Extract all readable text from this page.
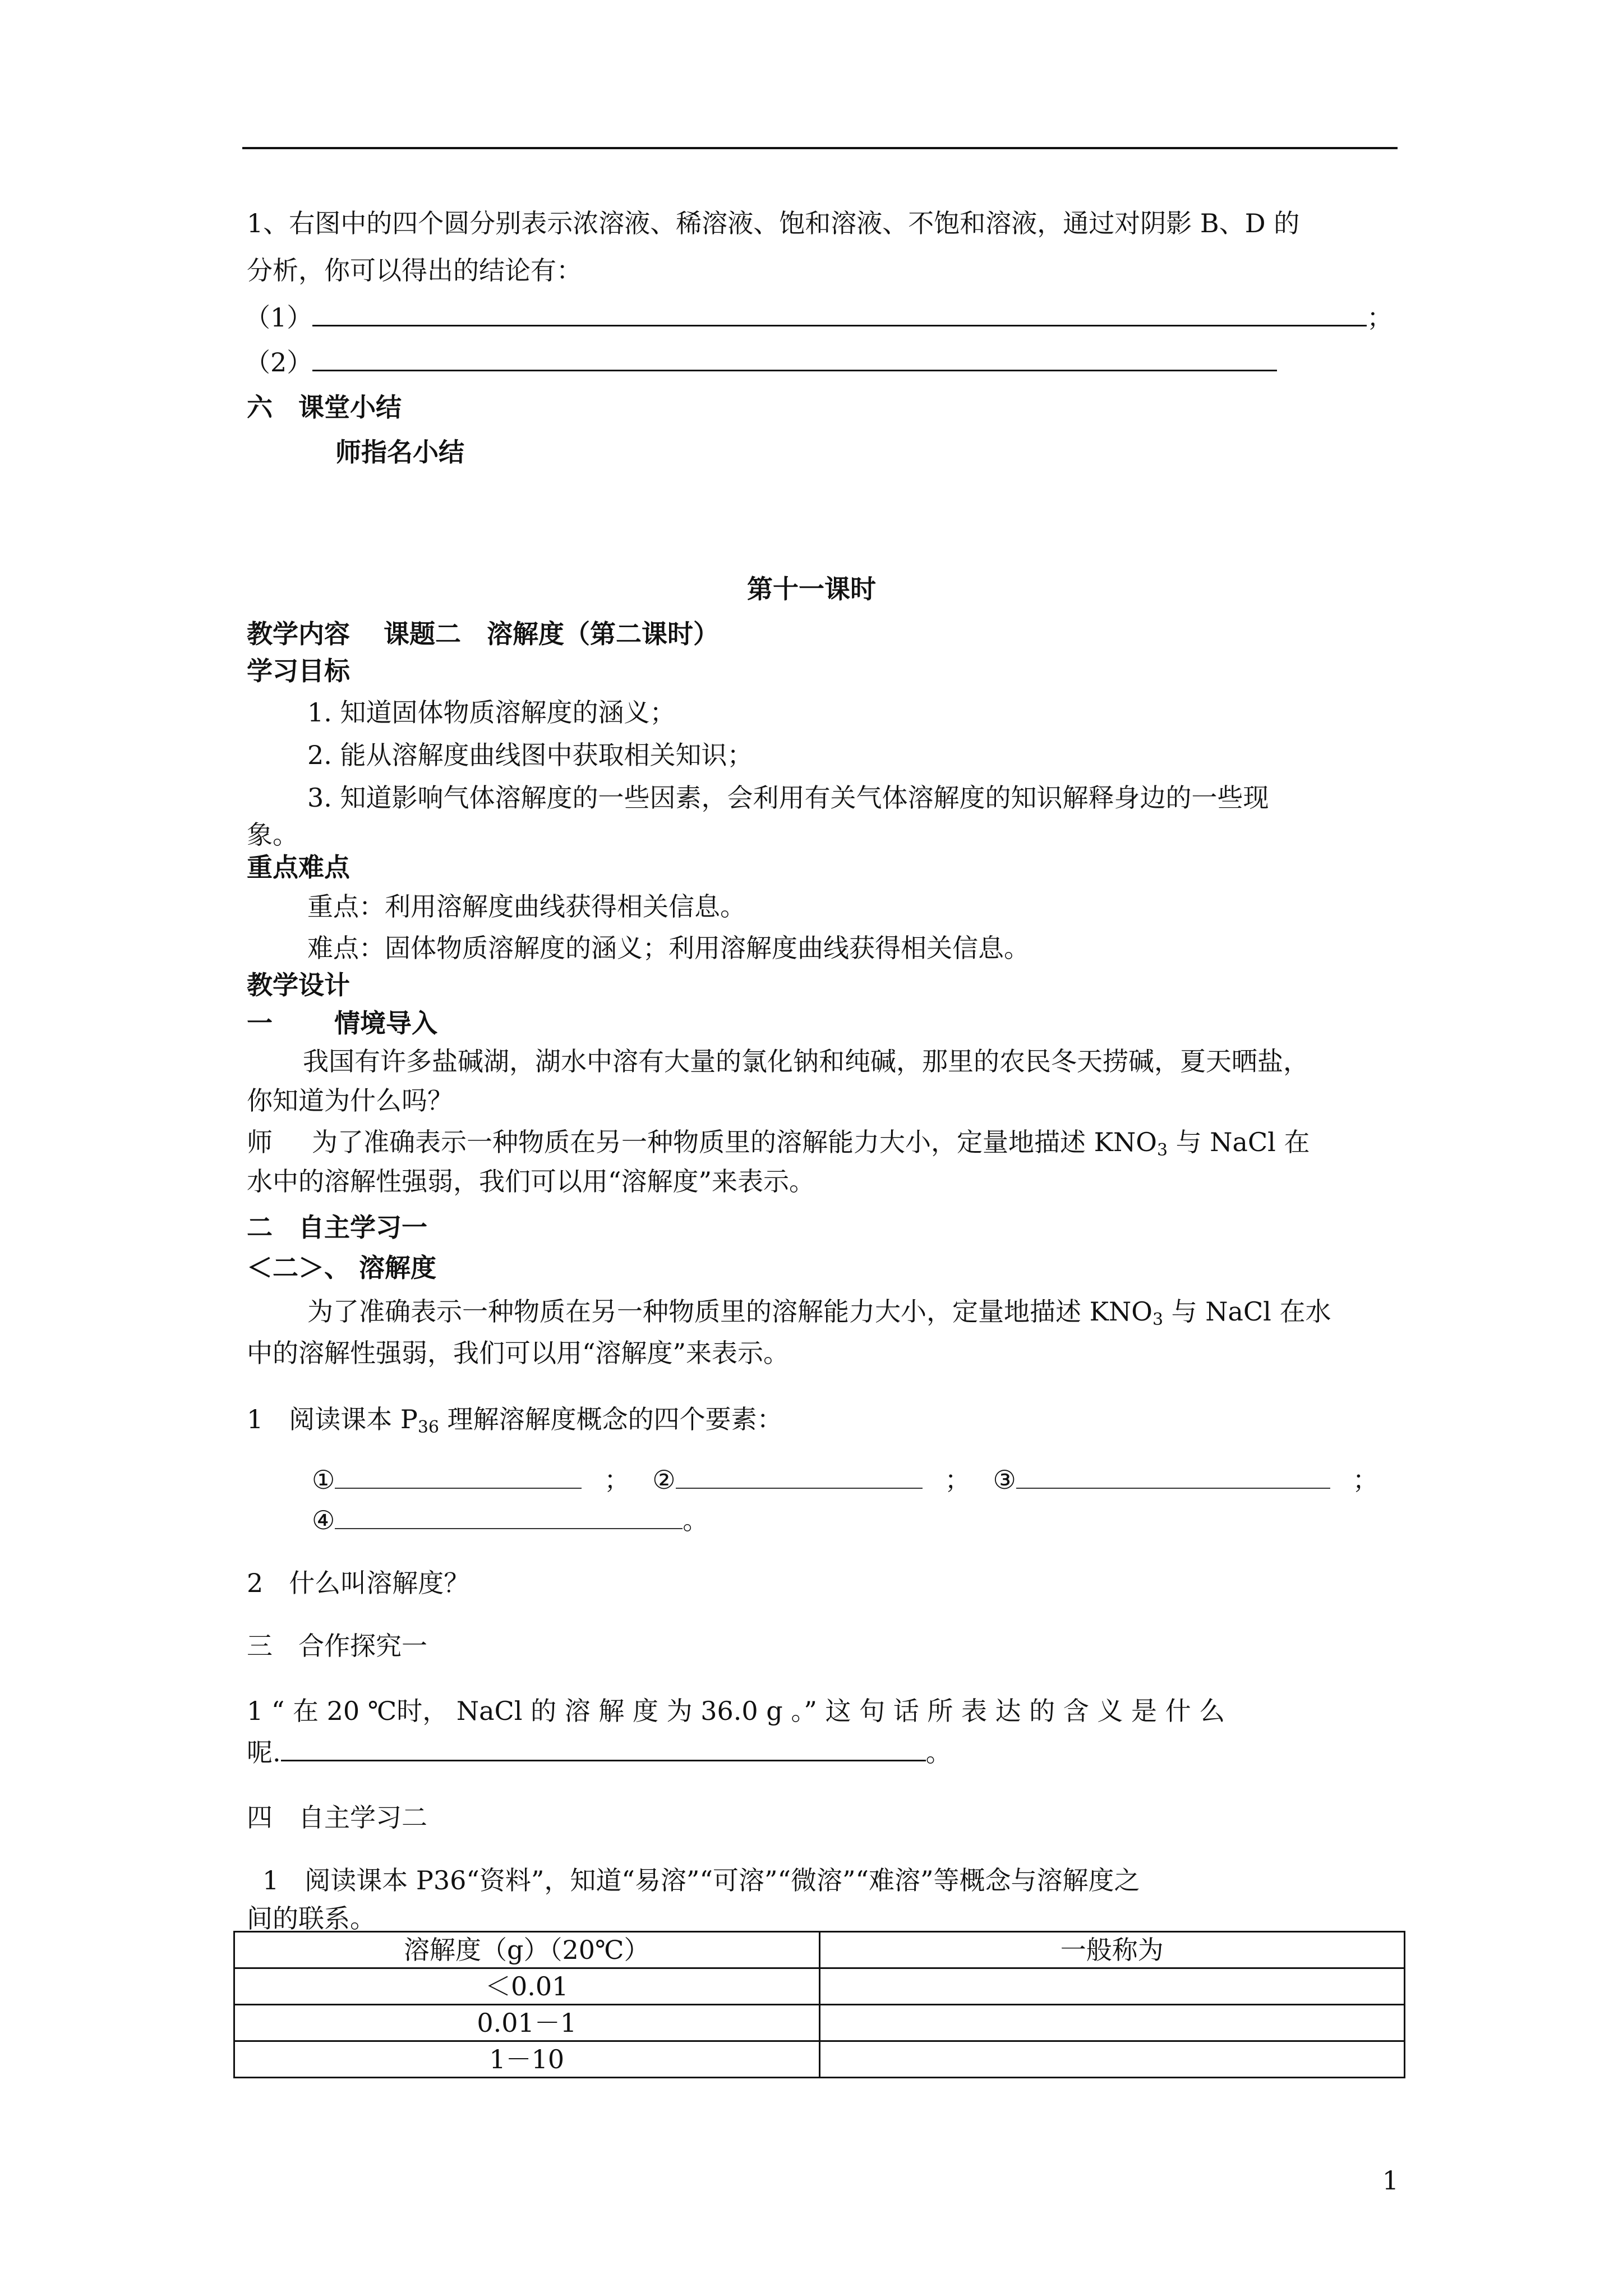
1、右图中的四个圆分别表示浓溶液、稀溶液、饱和溶液、不饱和溶液，通过对阴影 B、D 的
分析，你可以得出的结论有：
（1）	；
（2）
六　课堂小结
师指名小结
第十一课时
教学内容 课题二　溶解度（第二课时）
学习目标
1. 知道固体物质溶解度的涵义；
2. 能从溶解度曲线图中获取相关知识；
3. 知道影响气体溶解度的一些因素，会利用有关气体溶解度的知识解释身边的一些现
象。
重点难点
重点：利用溶解度曲线获得相关信息。
难点：固体物质溶解度的涵义；利用溶解度曲线获得相关信息。
教学设计
一 情境导入
我国有许多盐碱湖，湖水中溶有大量的氯化钠和纯碱，那里的农民冬天捞碱，夏天晒盐，
你知道为什么吗？
师 为了准确表示一种物质在另一种物质里的溶解能力大小，定量地描述 $KNO_3$ 与 NaCl 在
水中的溶解性强弱，我们可以用“溶解度”来表示。
二　自主学习一
＜二＞、 溶解度
为了准确表示一种物质在另一种物质里的溶解能力大小，定量地描述 $KNO_3$ 与 NaCl 在水
中的溶解性强弱，我们可以用“溶解度”来表示。
1　阅读课本 $P_{36}$ 理解溶解度概念的四个要素：
①	； ②	； ③	；
④	。
2　什么叫溶解度？
三　合作探究一
1 “ 在 20 ℃时， NaCl 的 溶 解 度 为 36.0 g 。” 这 句 话 所 表 达 的 含 义 是 什 么
呢.	。
四　自主学习二
1　阅读课本 P36“资料”，知道“易溶”“可溶”“微溶”“难溶”等概念与溶解度之
间的联系。
溶解度（g）（20℃）	一般称为
＜0.01	
0.01－1	
1－10	
1
